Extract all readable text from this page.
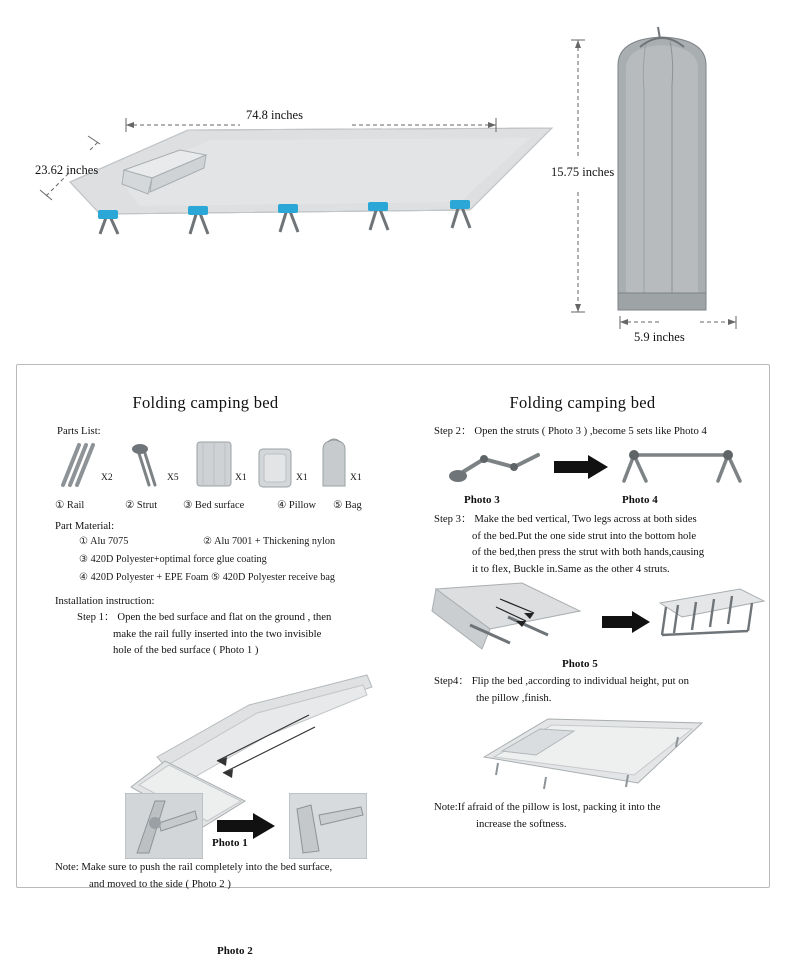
74.8 inches
23.62 inches	15.75 inches
5.9 inches
Folding camping bed
Parts List:
X2	X5	X1	X1	X1
① Rail	② Strut ③ Bed surface	④ Pillow ⑤ Bag
Part Material:
① Alu 7075	② Alu 7001 + Thickening nylon
③ 420D Polyester+optimal force glue coating
④ 420D Polyester + EPE Foam ⑤ 420D Polyester receive bag
Installation instruction:
Step 1： Open the bed surface and flat on the ground , then
make the rail fully inserted into the two invisible
hole of the bed surface ( Photo 1 )
Photo 1
Note: Make sure to push the rail completely into the bed surface,
and moved to the side ( Photo 2 )
Photo 2
Folding camping bed
Step 2： Open the struts ( Photo 3 ) ,become 5 sets like Photo 4
Photo 3	Photo 4
Step 3： Make the bed vertical, Two legs across at both sides
of the bed.Put the one side strut into the bottom hole
of the bed,then press the strut with both hands,causing
it to flex, Buckle in.Same as the other 4 struts.
Photo 5
Step4： Flip the bed ,according to individual height, put on
the pillow ,finish.
Note:If afraid of the pillow is lost, packing it into the
increase the softness.
